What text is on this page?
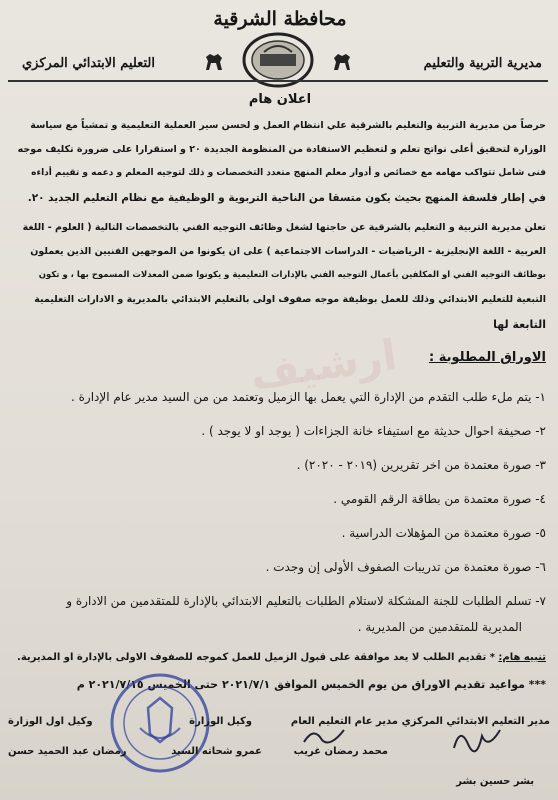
محافظة الشرقية
مديرية التربية والتعليم
التعليم الابتدائي المركزي
اعلان هام
حرصاً من مديرية التربية والتعليم بالشرقية علي انتظام العمل و لحسن سير العملية التعليمية و تمشياً مع سياسة
الوزارة لتحقيق أعلى نواتج تعلم و لتعظيم الاستفادة من المنظومة الجديدة ٢٠ و استقرارا على ضرورة تكليف موجه
فنى شامل تتواكب مهامه مع خصائص و أدوار معلم المنهج متعدد التخصصات و ذلك لتوجيه المعلم و دعمه و تقييم أداءه
في إطار فلسفة المنهج بحيث يكون متسقا من الناحية التربوية و الوظيفية مع نظام التعليم الجديد ٢٠.
تعلن مديرية التربية و التعليم بالشرقية عن حاجتها لشغل وظائف التوجيه الفني بالتخصصات التالية ( العلوم - اللغة
العربية - اللغة الإنجليزية - الرياضيات - الدراسات الاجتماعية ) على ان يكونوا من الموجهين الفنيين الذين يعملون
بوظائف التوجيه الفني او المكلفين بأعمال التوجيه الفني بالإدارات التعليمية و يكونوا ضمن المعدلات المسموح بها ، و تكون
التبعية للتعليم الابتدائي وذلك للعمل بوظيفة موجه صفوف اولى بالتعليم الابتدائي بالمديرية و الادارات التعليمية
التابعة لها
ارشيف الاوراق المطلوبة :
١- يتم ملء طلب التقدم من الإدارة التي يعمل بها الزميل وتعتمد من من السيد مدير عام الإدارة .
٢- صحيفة احوال حديثة مع استيفاء خانة الجزاءات ( يوجد او لا يوجد ) .
٣- صورة معتمدة من اخر تقريرين (٢٠١٩ - ٢٠٢٠) .
٤- صورة معتمدة من بطاقة الرقم القومي .
٥- صورة معتمدة من المؤهلات الدراسية .
٦- صورة معتمدة من تدريبات الصفوف الأولى إن وجدت .
٧- تسلم الطلبات للجنة المشكلة لاستلام الطلبات بالتعليم الابتدائي بالإدارة للمتقدمين من الادارة و
المديرية للمتقدمين من المديرية .
تنبيه هام: * تقديم الطلب لا يعد موافقة على قبول الزميل للعمل كموجه للصفوف الاولى بالإدارة او المديرية.
*** مواعيد تقديم الاوراق من يوم الخميس الموافق ٢٠٢١/٧/١ حتى الخميس ٢٠٢١/٧/١٥ م
مدير التعليم الابتدائي المركزي
بشر حسين بشر
مدير عام التعليم العام
محمد رمضان غريب
وكيل الوزارة
عمرو شحاته السيد
وكيل اول الوزارة
رمضان عبد الحميد حسن
